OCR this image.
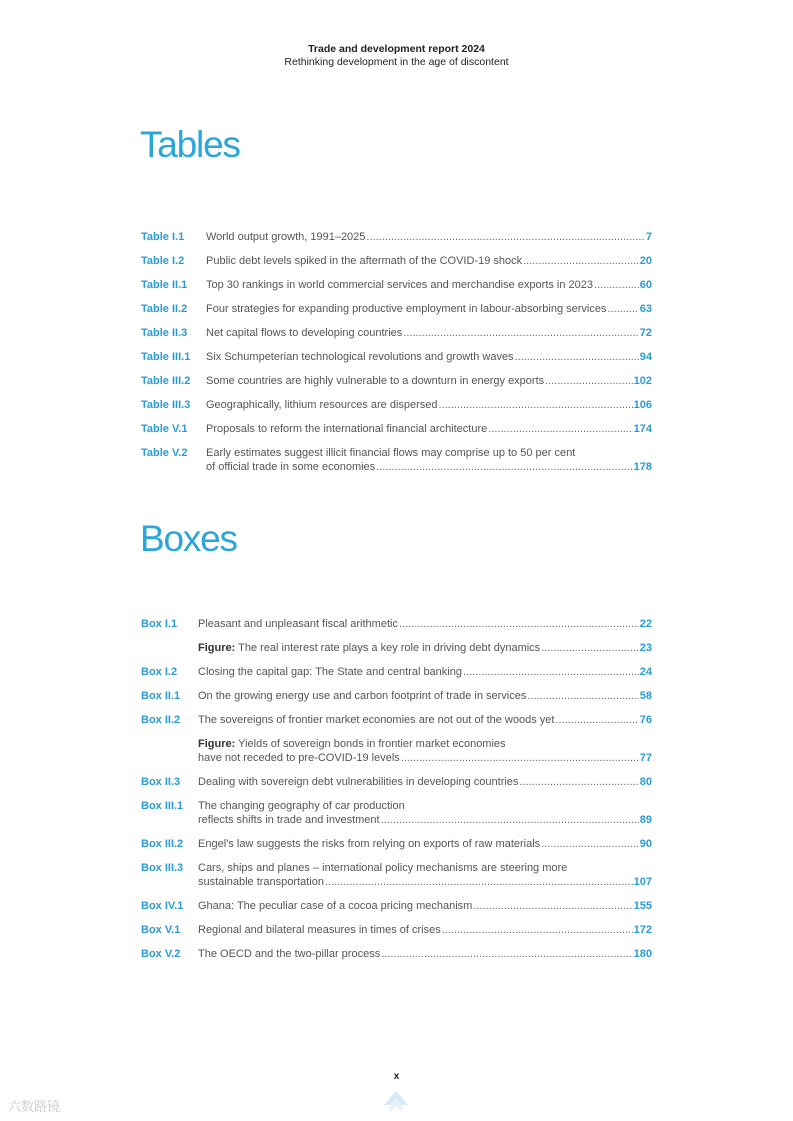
Trade and development report 2024
Rethinking development in the age of discontent
Tables
Table I.1 World output growth, 1991–2025 .....	7
Table I.2 Public debt levels spiked in the aftermath of the COVID-19 shock .....	20
Table II.1 Top 30 rankings in world commercial services and merchandise exports in 2023 .....	60
Table II.2 Four strategies for expanding productive employment in labour-absorbing services .....	63
Table II.3 Net capital flows to developing countries .....	72
Table III.1 Six Schumpeterian technological revolutions and growth waves .....	94
Table III.2 Some countries are highly vulnerable to a downturn in energy exports .....	102
Table III.3 Geographically, lithium resources are dispersed .....	106
Table V.1 Proposals to reform the international financial architecture .....	174
Table V.2 Early estimates suggest illicit financial flows may comprise up to 50 per cent
of official trade in some economies .....	178
Boxes
Box I.1 Pleasant and unpleasant fiscal arithmetic .....	22
Figure: The real interest rate plays a key role in driving debt dynamics .....	23
Box I.2 Closing the capital gap: The State and central banking .....	24
Box II.1 On the growing energy use and carbon footprint of trade in services .....	58
Box II.2 The sovereigns of frontier market economies are not out of the woods yet .....	76
Figure: Yields of sovereign bonds in frontier market economies
have not receded to pre-COVID-19 levels .....	77
Box II.3 Dealing with sovereign debt vulnerabilities in developing countries .....	80
Box III.1 The changing geography of car production
reflects shifts in trade and investment .....	89
Box III.2 Engel’s law suggests the risks from relying on exports of raw materials .....	90
Box III.3 Cars, ships and planes – international policy mechanisms are steering more
sustainable transportation .....	107
Box IV.1 Ghana: The peculiar case of a cocoa pricing mechanism .....	155
Box V.1 Regional and bilateral measures in times of crises .....	172
Box V.2 The OECD and the two-pillar process .....	180
x
六数路镜
